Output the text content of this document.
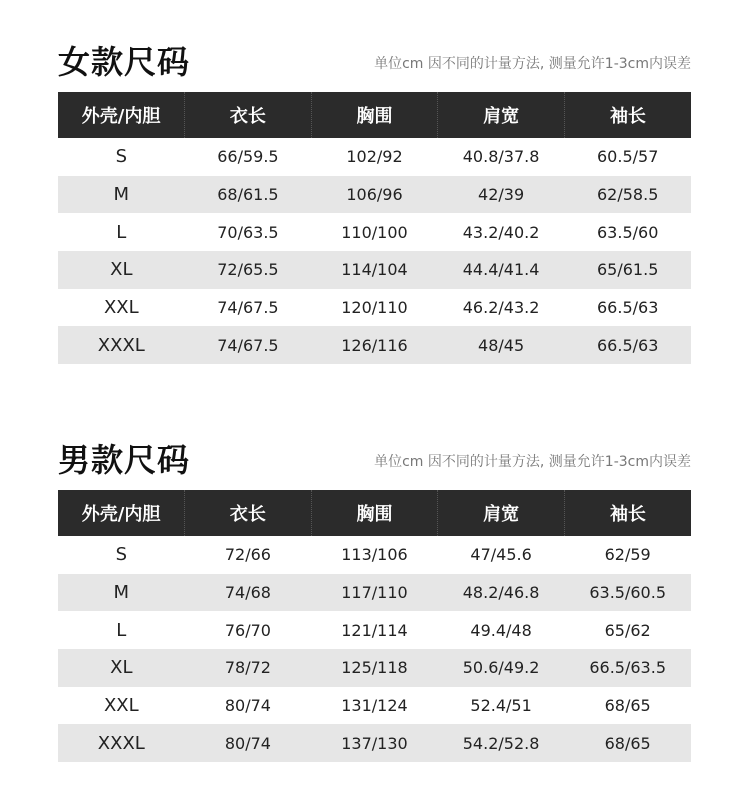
女款尺码	单位cm 因不同的计量方法, 测量允许1-3cm内误差
外壳/内胆	衣长	胸围	肩宽	袖长
S	66/59.5	102/92	40.8/37.8	60.5/57
M	68/61.5	106/96	42/39	62/58.5
L	70/63.5	110/100	43.2/40.2	63.5/60
XL	72/65.5	114/104	44.4/41.4	65/61.5
XXL	74/67.5	120/110	46.2/43.2	66.5/63
XXXL	74/67.5	126/116	48/45	66.5/63
男款尺码	单位cm 因不同的计量方法, 测量允许1-3cm内误差
外壳/内胆	衣长	胸围	肩宽	袖长
S	72/66	113/106	47/45.6	62/59
M	74/68	117/110	48.2/46.8	63.5/60.5
L	76/70	121/114	49.4/48	65/62
XL	78/72	125/118	50.6/49.2	66.5/63.5
XXL	80/74	131/124	52.4/51	68/65
XXXL	80/74	137/130	54.2/52.8	68/65
